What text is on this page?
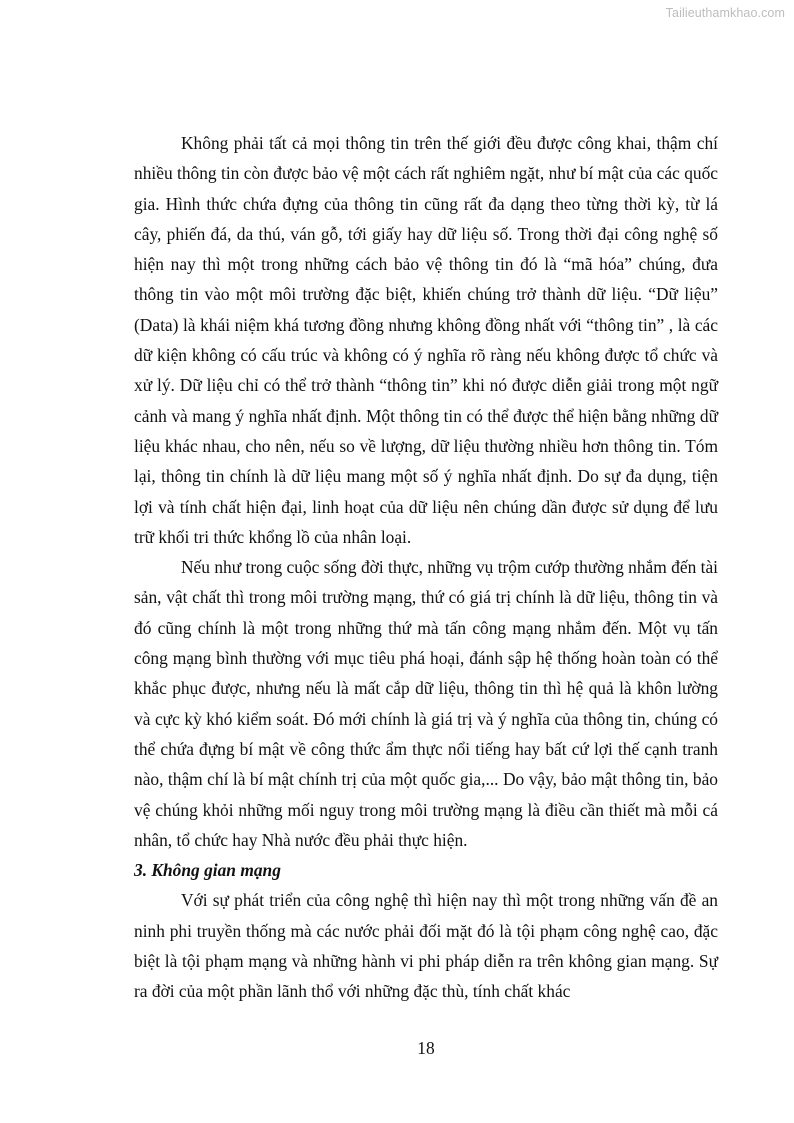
Tailieuthamkhao.com

Không phải tất cả mọi thông tin trên thế giới đều được công khai, thậm chí nhiều thông tin còn được bảo vệ một cách rất nghiêm ngặt, như bí mật của các quốc gia. Hình thức chứa đựng của thông tin cũng rất đa dạng theo từng thời kỳ, từ lá cây, phiến đá, da thú, ván gỗ, tới giấy hay dữ liệu số. Trong thời đại công nghệ số hiện nay thì một trong những cách bảo vệ thông tin đó là “mã hóa” chúng, đưa thông tin vào một môi trường đặc biệt, khiến chúng trở thành dữ liệu. “Dữ liệu” (Data) là khái niệm khá tương đồng nhưng không đồng nhất với “thông tin” , là các dữ kiện không có cấu trúc và không có ý nghĩa rõ ràng nếu không được tổ chức và xử lý. Dữ liệu chỉ có thể trở thành “thông tin” khi nó được diễn giải trong một ngữ cảnh và mang ý nghĩa nhất định. Một thông tin có thể được thể hiện bằng những dữ liệu khác nhau, cho nên, nếu so về lượng, dữ liệu thường nhiều hơn thông tin. Tóm lại, thông tin chính là dữ liệu mang một số ý nghĩa nhất định. Do sự đa dụng, tiện lợi và tính chất hiện đại, linh hoạt của dữ liệu nên chúng dần được sử dụng để lưu trữ khối tri thức khổng lồ của nhân loại.

Nếu như trong cuộc sống đời thực, những vụ trộm cướp thường nhắm đến tài sản, vật chất thì trong môi trường mạng, thứ có giá trị chính là dữ liệu, thông tin và đó cũng chính là một trong những thứ mà tấn công mạng nhắm đến. Một vụ tấn công mạng bình thường với mục tiêu phá hoại, đánh sập hệ thống hoàn toàn có thể khắc phục được, nhưng nếu là mất cắp dữ liệu, thông tin thì hệ quả là khôn lường và cực kỳ khó kiểm soát. Đó mới chính là giá trị và ý nghĩa của thông tin, chúng có thể chứa đựng bí mật về công thức ẩm thực nổi tiếng hay bất cứ lợi thế cạnh tranh nào, thậm chí là bí mật chính trị của một quốc gia,... Do vậy, bảo mật thông tin, bảo vệ chúng khỏi những mối nguy trong môi trường mạng là điều cần thiết mà mỗi cá nhân, tổ chức hay Nhà nước đều phải thực hiện.

3. Không gian mạng

Với sự phát triển của công nghệ thì hiện nay thì một trong những vấn đề an ninh phi truyền thống mà các nước phải đối mặt đó là tội phạm công nghệ cao, đặc biệt là tội phạm mạng và những hành vi phi pháp diễn ra trên không gian mạng. Sự ra đời của một phần lãnh thổ với những đặc thù, tính chất khác

18
